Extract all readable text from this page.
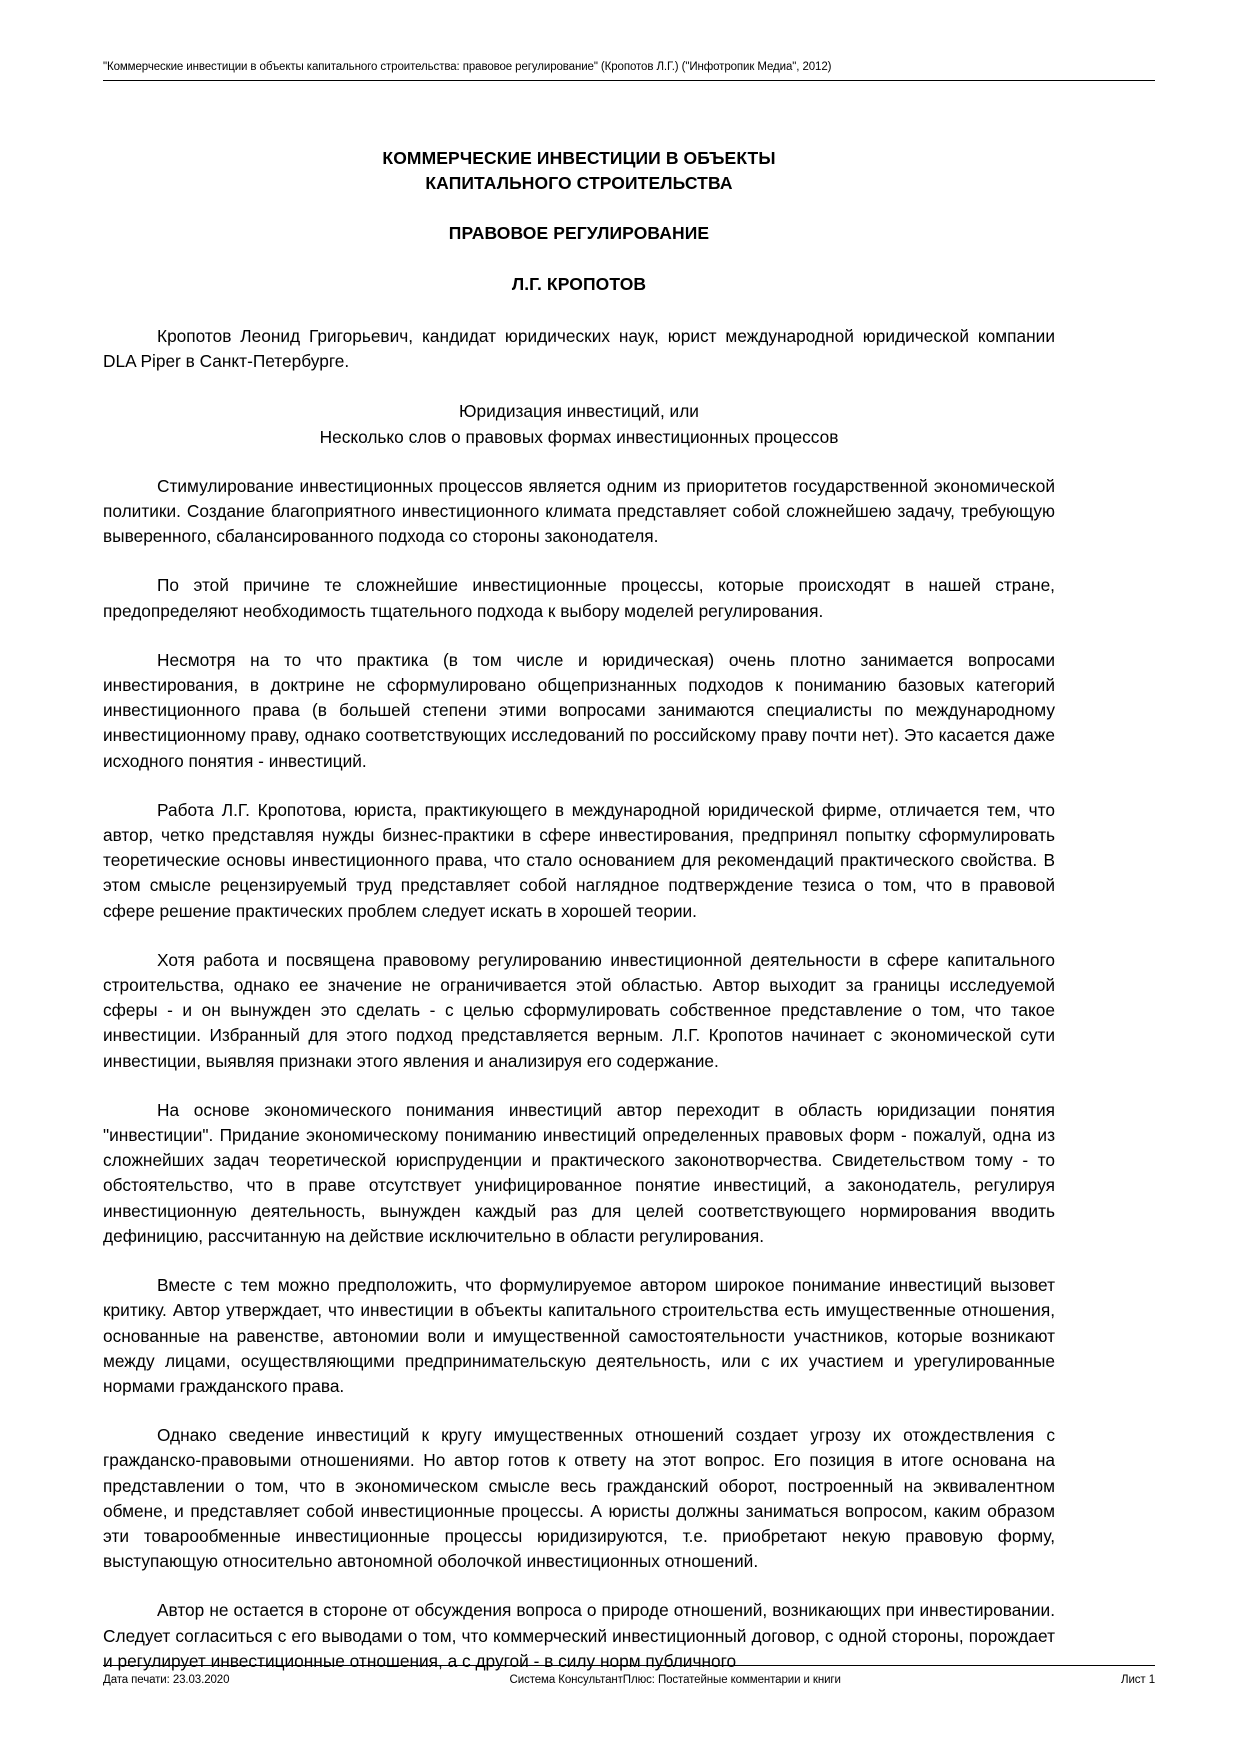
"Коммерческие инвестиции в объекты капитального строительства: правовое регулирование" (Кропотов Л.Г.) ("Инфотропик Медиа", 2012)
КОММЕРЧЕСКИЕ ИНВЕСТИЦИИ В ОБЪЕКТЫ
КАПИТАЛЬНОГО СТРОИТЕЛЬСТВА
ПРАВОВОЕ РЕГУЛИРОВАНИЕ
Л.Г. КРОПОТОВ

Кропотов Леонид Григорьевич, кандидат юридических наук, юрист международной юридической компании DLA Piper в Санкт-Петербурге.

Юридизация инвестиций, или
Несколько слов о правовых формах инвестиционных процессов

Стимулирование инвестиционных процессов является одним из приоритетов государственной экономической политики. Создание благоприятного инвестиционного климата представляет собой сложнейшею задачу, требующую выверенного, сбалансированного подхода со стороны законодателя.

По этой причине те сложнейшие инвестиционные процессы, которые происходят в нашей стране, предопределяют необходимость тщательного подхода к выбору моделей регулирования.

Несмотря на то что практика (в том числе и юридическая) очень плотно занимается вопросами инвестирования, в доктрине не сформулировано общепризнанных подходов к пониманию базовых категорий инвестиционного права (в большей степени этими вопросами занимаются специалисты по международному инвестиционному праву, однако соответствующих исследований по российскому праву почти нет). Это касается даже исходного понятия - инвестиций.

Работа Л.Г. Кропотова, юриста, практикующего в международной юридической фирме, отличается тем, что автор, четко представляя нужды бизнес-практики в сфере инвестирования, предпринял попытку сформулировать теоретические основы инвестиционного права, что стало основанием для рекомендаций практического свойства. В этом смысле рецензируемый труд представляет собой наглядное подтверждение тезиса о том, что в правовой сфере решение практических проблем следует искать в хорошей теории.

Хотя работа и посвящена правовому регулированию инвестиционной деятельности в сфере капитального строительства, однако ее значение не ограничивается этой областью. Автор выходит за границы исследуемой сферы - и он вынужден это сделать - с целью сформулировать собственное представление о том, что такое инвестиции. Избранный для этого подход представляется верным. Л.Г. Кропотов начинает с экономической сути инвестиции, выявляя признаки этого явления и анализируя его содержание.

На основе экономического понимания инвестиций автор переходит в область юридизации понятия "инвестиции". Придание экономическому пониманию инвестиций определенных правовых форм - пожалуй, одна из сложнейших задач теоретической юриспруденции и практического законотворчества. Свидетельством тому - то обстоятельство, что в праве отсутствует унифицированное понятие инвестиций, а законодатель, регулируя инвестиционную деятельность, вынужден каждый раз для целей соответствующего нормирования вводить дефиницию, рассчитанную на действие исключительно в области регулирования.

Вместе с тем можно предположить, что формулируемое автором широкое понимание инвестиций вызовет критику. Автор утверждает, что инвестиции в объекты капитального строительства есть имущественные отношения, основанные на равенстве, автономии воли и имущественной самостоятельности участников, которые возникают между лицами, осуществляющими предпринимательскую деятельность, или с их участием и урегулированные нормами гражданского права.

Однако сведение инвестиций к кругу имущественных отношений создает угрозу их отождествления с гражданско-правовыми отношениями. Но автор готов к ответу на этот вопрос. Его позиция в итоге основана на представлении о том, что в экономическом смысле весь гражданский оборот, построенный на эквивалентном обмене, и представляет собой инвестиционные процессы. А юристы должны заниматься вопросом, каким образом эти товарообменные инвестиционные процессы юридизируются, т.е. приобретают некую правовую форму, выступающую относительно автономной оболочкой инвестиционных отношений.

Автор не остается в стороне от обсуждения вопроса о природе отношений, возникающих при инвестировании. Следует согласиться с его выводами о том, что коммерческий инвестиционный договор, с одной стороны, порождает и регулирует инвестиционные отношения, а с другой - в силу норм публичного

Дата печати: 23.03.2020	Система КонсультантПлюс: Постатейные комментарии и книги	Лист 1
